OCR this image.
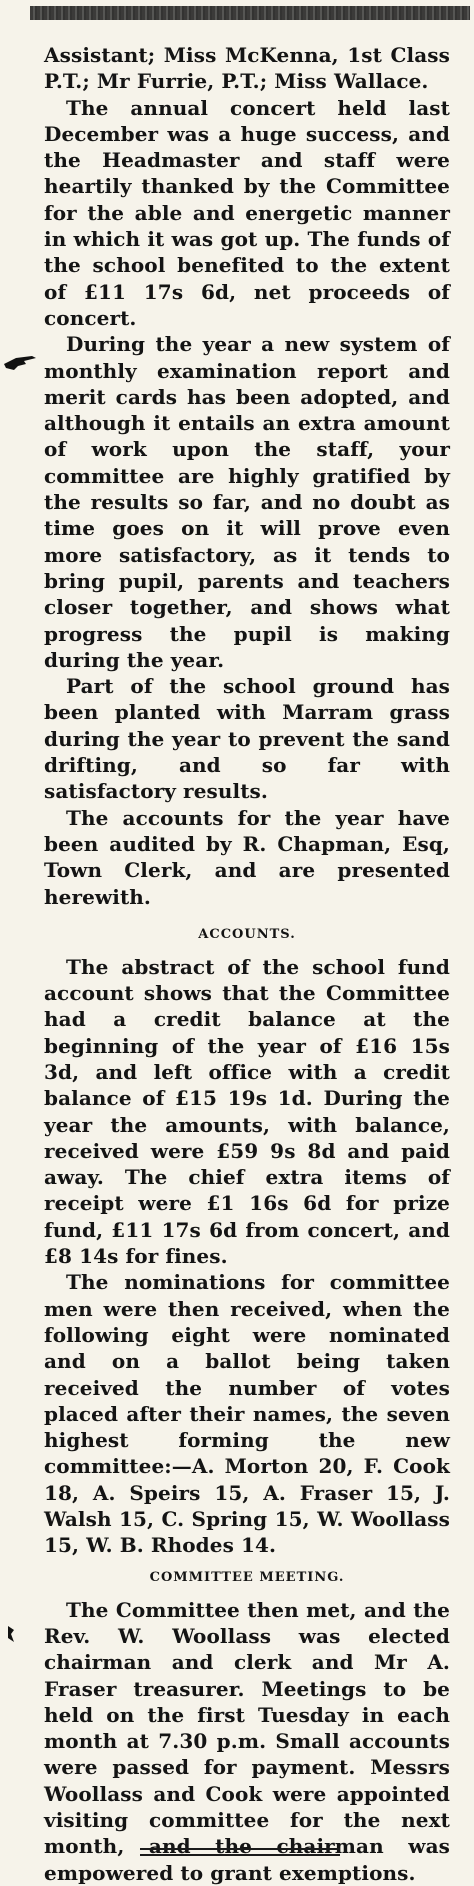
Assistant; Miss McKenna, 1st Class P.T.; Mr Furrie, P.T.; Miss Wallace.

The annual concert held last December was a huge success, and the Headmaster and staff were heartily thanked by the Committee for the able and energetic manner in which it was got up. The funds of the school benefited to the extent of £11 17s 6d, net proceeds of concert.

During the year a new system of monthly examination report and merit cards has been adopted, and although it entails an extra amount of work upon the staff, your committee are highly gratified by the results so far, and no doubt as time goes on it will prove even more satisfactory, as it tends to bring pupil, parents and teachers closer together, and shows what progress the pupil is making during the year.

Part of the school ground has been planted with Marram grass during the year to prevent the sand drifting, and so far with satisfactory results.

The accounts for the year have been audited by R. Chapman, Esq, Town Clerk, and are presented herewith.

ACCOUNTS.

The abstract of the school fund account shows that the Committee had a credit balance at the beginning of the year of £16 15s 3d, and left office with a credit balance of £15 19s 1d. During the year the amounts, with balance, received were £59 9s 8d and paid away. The chief extra items of receipt were £1 16s 6d for prize fund, £11 17s 6d from concert, and £8 14s for fines.

The nominations for committee men were then received, when the following eight were nominated and on a ballot being taken received the number of votes placed after their names, the seven highest forming the new committee:—A. Morton 20, F. Cook 18, A. Speirs 15, A. Fraser 15, J. Walsh 15, C. Spring 15, W. Woollass 15, W. B. Rhodes 14.

COMMITTEE MEETING.

The Committee then met, and the Rev. W. Woollass was elected chairman and clerk and Mr A. Fraser treasurer. Meetings to be held on the first Tuesday in each month at 7.30 p.m. Small accounts were passed for payment. Messrs Woollass and Cook were appointed visiting committee for the next month, and the chairman was empowered to grant exemptions.
